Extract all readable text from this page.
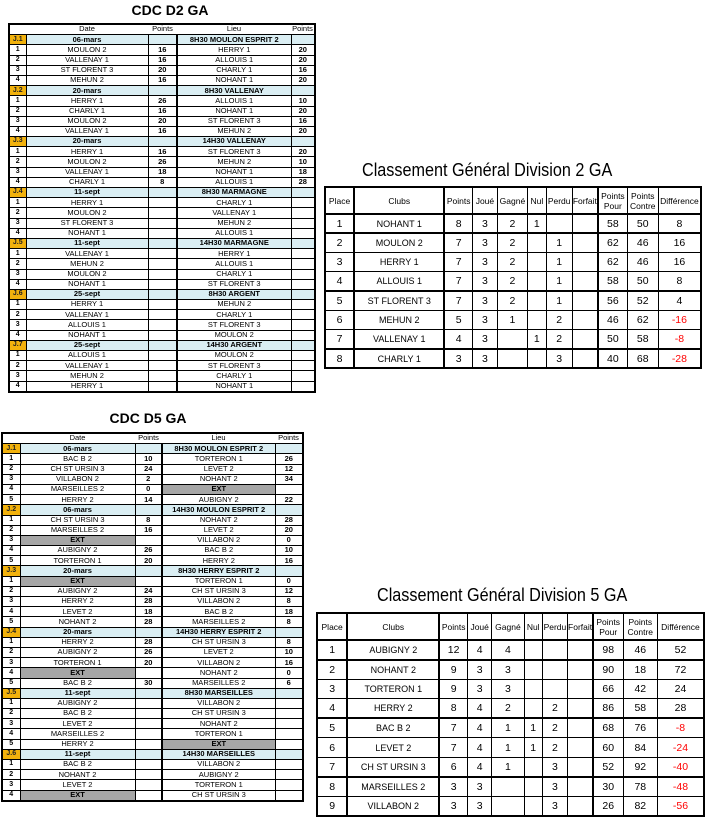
CDC D2 GA
	Date	Points	Lieu	Points
J.1	06-mars		8H30 MOULON ESPRIT 2	
1	MOULON 2	16	HERRY 1	20
2	VALLENAY 1	16	ALLOUIS 1	20
3	ST FLORENT 3	20	CHARLY 1	16
4	MEHUN 2	16	NOHANT 1	20
J.2	20-mars		8H30 VALLENAY	
1	HERRY 1	26	ALLOUIS 1	10
2	CHARLY 1	16	NOHANT 1	20
3	MOULON 2	20	ST FLORENT 3	16
4	VALLENAY 1	16	MEHUN 2	20
J.3	20-mars		14H30 VALLENAY	
1	HERRY 1	16	ST FLORENT 3	20
2	MOULON 2	26	MEHUN 2	10
3	VALLENAY 1	18	NOHANT 1	18
4	CHARLY 1	8	ALLOUIS 1	28
J.4	11-sept		8H30 MARMAGNE	
1	HERRY 1		CHARLY 1	
2	MOULON 2		VALLENAY 1	
3	ST FLORENT 3		MEHUN 2	
4	NOHANT 1		ALLOUIS 1	
J.5	11-sept		14H30 MARMAGNE	
1	VALLENAY 1		HERRY 1	
2	MEHUN 2		ALLOUIS 1	
3	MOULON 2		CHARLY 1	
4	NOHANT 1		ST FLORENT 3	
J.6	25-sept		8H30 ARGENT	
1	HERRY 1		MEHUN 2	
2	VALLENAY 1		CHARLY 1	
3	ALLOUIS 1		ST FLORENT 3	
4	NOHANT 1		MOULON 2	
J.7	25-sept		14H30 ARGENT	
1	ALLOUIS 1		MOULON 2	
2	VALLENAY 1		ST FLORENT 3	
3	MEHUN 2		CHARLY 1	
4	HERRY 1		NOHANT 1	
CDC D5 GA
	Date	Points	Lieu	Points
J.1	06-mars		8H30 MOULON ESPRIT 2	
1	BAC B 2	10	TORTERON 1	26
2	CH ST URSIN 3	24	LEVET 2	12
3	VILLABON 2	2	NOHANT 2	34
4	MARSEILLES 2	0	EXT	
5	HERRY 2	14	AUBIGNY 2	22
J.2	06-mars		14H30 MOULON ESPRIT 2	
1	CH ST URSIN 3	8	NOHANT 2	28
2	MARSEILLES 2	16	LEVET 2	20
3	EXT		VILLABON 2	0
4	AUBIGNY 2	26	BAC B 2	10
5	TORTERON 1	20	HERRY 2	16
J.3	20-mars		8H30 HERRY ESPRIT 2	
1	EXT		TORTERON 1	0
2	AUBIGNY 2	24	CH ST URSIN 3	12
3	HERRY 2	28	VILLABON 2	8
4	LEVET 2	18	BAC B 2	18
5	NOHANT 2	28	MARSEILLES 2	8
J.4	20-mars		14H30 HERRY ESPRIT 2	
1	HERRY 2	28	CH ST URSIN 3	8
2	AUBIGNY 2	26	LEVET 2	10
3	TORTERON 1	20	VILLABON 2	16
4	EXT		NOHANT 2	0
5	BAC B 2	30	MARSEILLES 2	6
J.5	11-sept		8H30 MARSEILLES	
1	AUBIGNY 2		VILLABON 2	
2	BAC B 2		CH ST URSIN 3	
3	LEVET 2		NOHANT 2	
4	MARSEILLES 2		TORTERON 1	
5	HERRY 2		EXT	
J.6	11-sept		14H30 MARSEILLES	
1	BAC B 2		VILLABON 2	
2	NOHANT 2		AUBIGNY 2	
3	LEVET 2		TORTERON 1	
4	EXT		CH ST URSIN 3	
Classement Général Division 2 GA
Place	Clubs	Points	Joué	Gagné	Nul	Perdu	Forfait	Points Pour	Points Contre	Différence
1	NOHANT 1	8	3	2	1			58	50	8
2	MOULON 2	7	3	2		1		62	46	16
3	HERRY 1	7	3	2		1		62	46	16
4	ALLOUIS 1	7	3	2		1		58	50	8
5	ST FLORENT 3	7	3	2		1		56	52	4
6	MEHUN 2	5	3	1		2		46	62	-16
7	VALLENAY 1	4	3		1	2		50	58	-8
8	CHARLY 1	3	3			3		40	68	-28
Classement Général Division 5 GA
Place	Clubs	Points	Joué	Gagné	Nul	Perdu	Forfait	Points Pour	Points Contre	Différence
1	AUBIGNY 2	12	4	4				98	46	52
2	NOHANT 2	9	3	3				90	18	72
3	TORTERON 1	9	3	3				66	42	24
4	HERRY 2	8	4	2		2		86	58	28
5	BAC B 2	7	4	1	1	2		68	76	-8
6	LEVET 2	7	4	1	1	2		60	84	-24
7	CH ST URSIN 3	6	4	1		3		52	92	-40
8	MARSEILLES 2	3	3			3		30	78	-48
9	VILLABON 2	3	3			3		26	82	-56
